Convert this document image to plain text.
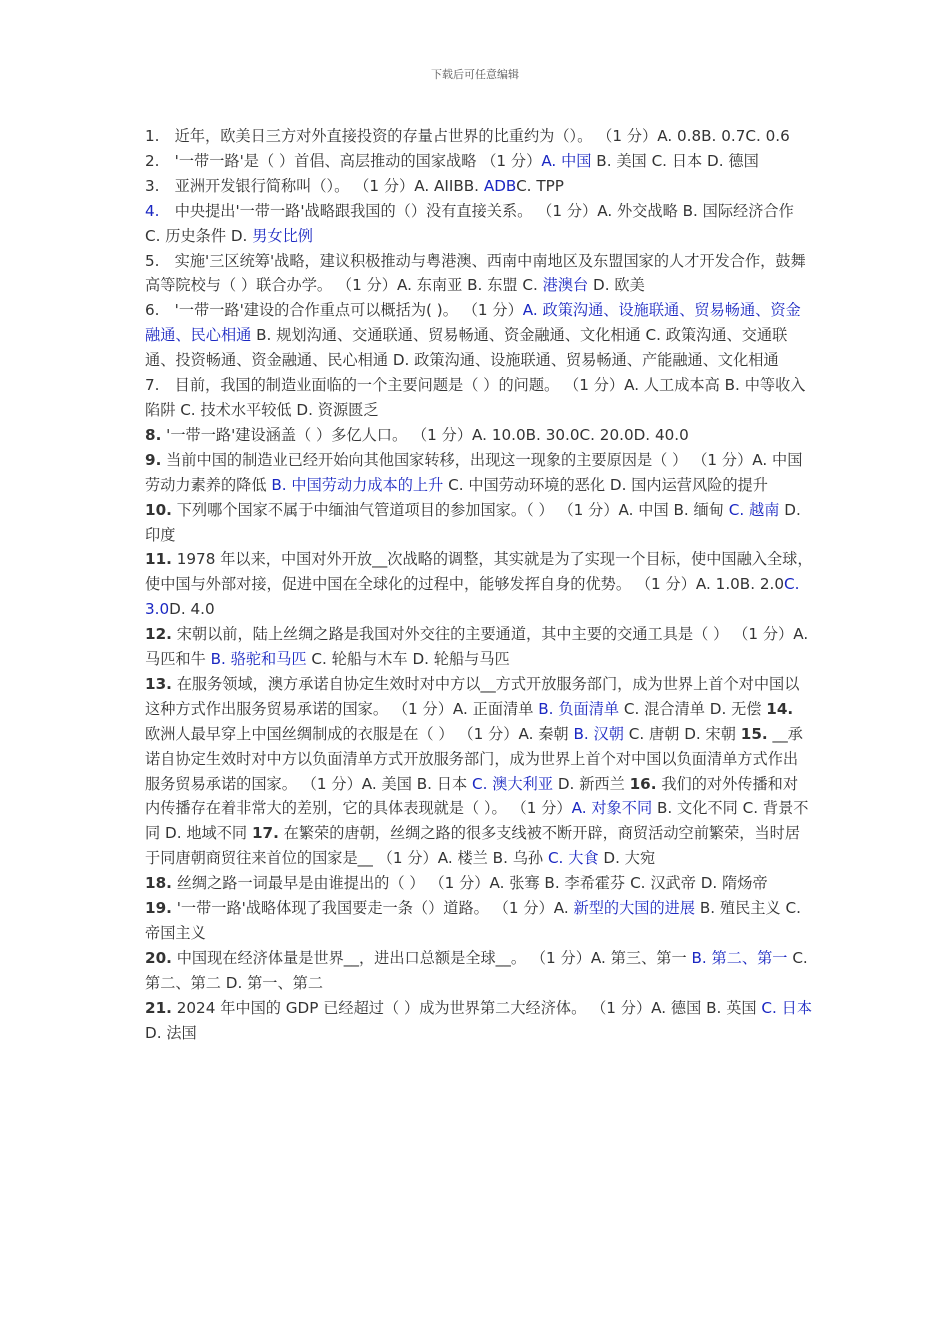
下载后可任意编辑

1.　近年，欧美日三方对外直接投资的存量占世界的比重约为（）。 （1 分）A. 0.8B. 0.7C. 0.6

2.　'一带一路'是（ ）首倡、高层推动的国家战略 （1 分）A. 中国 B. 美国 C. 日本 D. 德国

3.　亚洲开发银行简称叫（）。 （1 分）A. AIIBB. ADBC. TPP

4.　中央提出'一带一路'战略跟我国的（）没有直接关系。 （1 分）A. 外交战略 B. 国际经济合作 C. 历史条件 D. 男女比例

5.　实施'三区统筹'战略，建议积极推动与粤港澳、西南中南地区及东盟国家的人才开发合作，鼓舞高等院校与（ ）联合办学。 （1 分）A. 东南亚 B. 东盟 C. 港澳台 D. 欧美

6.　'一带一路'建设的合作重点可以概括为( )。 （1 分）A. 政策沟通、设施联通、贸易畅通、资金融通、民心相通 B. 规划沟通、交通联通、贸易畅通、资金融通、文化相通 C. 政策沟通、交通联通、投资畅通、资金融通、民心相通 D. 政策沟通、设施联通、贸易畅通、产能融通、文化相通

7.　目前，我国的制造业面临的一个主要问题是（ ）的问题。 （1 分）A. 人工成本高 B. 中等收入陷阱 C. 技术水平较低 D. 资源匮乏

8. '一带一路'建设涵盖（ ）多亿人口。 （1 分）A. 10.0B. 30.0C. 20.0D. 40.0

9. 当前中国的制造业已经开始向其他国家转移，出现这一现象的主要原因是（ ） （1 分）A. 中国劳动力素养的降低 B. 中国劳动力成本的上升 C. 中国劳动环境的恶化 D. 国内运营风险的提升

10. 下列哪个国家不属于中缅油气管道项目的参加国家。（ ） （1 分）A. 中国 B. 缅甸 C. 越南 D. 印度

11. 1978 年以来，中国对外开放__次战略的调整，其实就是为了实现一个目标，使中国融入全球，使中国与外部对接，促进中国在全球化的过程中，能够发挥自身的优势。 （1 分）A. 1.0B. 2.0C. 3.0D. 4.0

12. 宋朝以前，陆上丝绸之路是我国对外交往的主要通道，其中主要的交通工具是（ ） （1 分）A. 马匹和牛 B. 骆驼和马匹 C. 轮船与木车 D. 轮船与马匹

13. 在服务领域，澳方承诺自协定生效时对中方以__方式开放服务部门，成为世界上首个对中国以这种方式作出服务贸易承诺的国家。 （1 分）A. 正面清单 B. 负面清单 C. 混合清单 D. 无偿 14. 欧洲人最早穿上中国丝绸制成的衣服是在（ ） （1 分）A. 秦朝 B. 汉朝 C. 唐朝 D. 宋朝 15. __承诺自协定生效时对中方以负面清单方式开放服务部门，成为世界上首个对中国以负面清单方式作出服务贸易承诺的国家。 （1 分）A. 美国 B. 日本 C. 澳大利亚 D. 新西兰 16. 我们的对外传播和对内传播存在着非常大的差别，它的具体表现就是（ ）。 （1 分）A. 对象不同 B. 文化不同 C. 背景不同 D. 地域不同 17. 在繁荣的唐朝，丝绸之路的很多支线被不断开辟，商贸活动空前繁荣，当时居于同唐朝商贸往来首位的国家是__ （1 分）A. 楼兰 B. 乌孙 C. 大食 D. 大宛

18. 丝绸之路一词最早是由谁提出的（ ） （1 分）A. 张骞 B. 李希霍芬 C. 汉武帝 D. 隋炀帝

19. '一带一路'战略体现了我国要走一条（）道路。 （1 分）A. 新型的大国的进展 B. 殖民主义 C. 帝国主义

20. 中国现在经济体量是世界__，进出口总额是全球__。 （1 分）A. 第三、第一 B. 第二、第一 C. 第二、第二 D. 第一、第二

21. 2024 年中国的 GDP 已经超过（ ）成为世界第二大经济体。 （1 分）A. 德国 B. 英国 C. 日本 D. 法国
